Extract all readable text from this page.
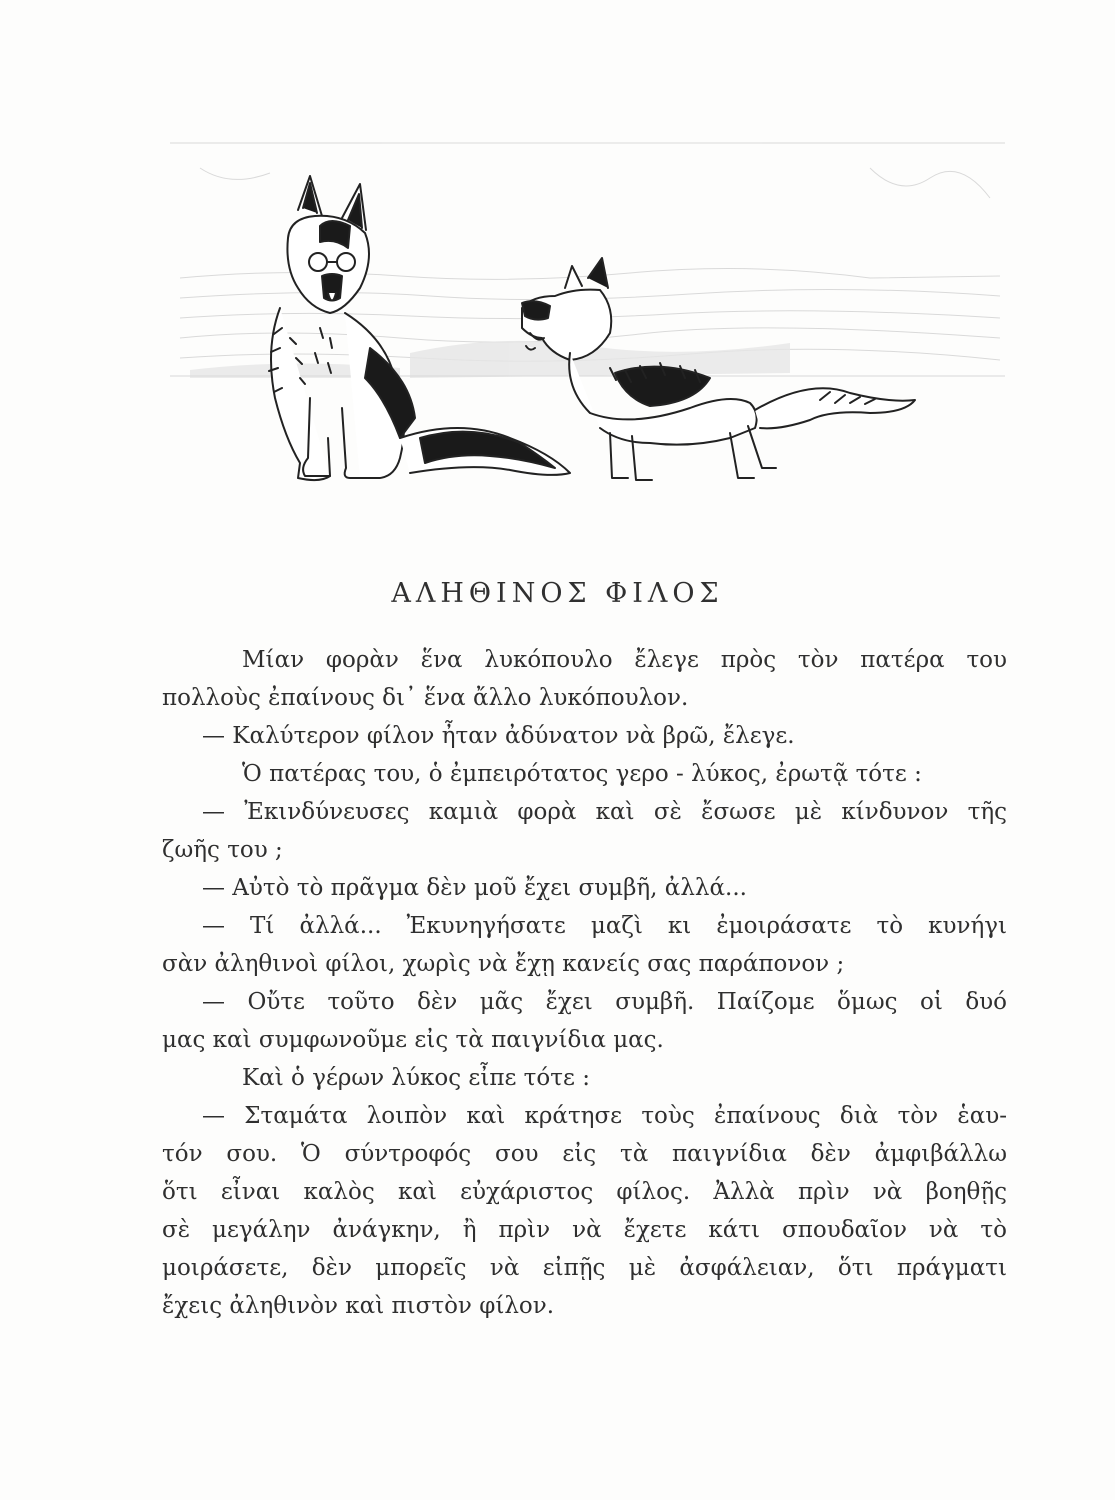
ΑΛΗΘΙΝΟΣ ΦΙΛΟΣ
Μίαν φορὰν ἕνα λυκόπουλο ἔλεγε πρὸς τὸν πατέρα του
πολλοὺς ἐπαίνους δι᾽ ἕνα ἄλλο λυκόπουλον.
— Καλύτερον φίλον ἦταν ἀδύνατον νὰ βρῶ, ἔλεγε.
Ὁ πατέρας του, ὁ ἐμπειρότατος γερο - λύκος, ἐρωτᾷ τότε :
— Ἐκινδύνευσες καμιὰ φορὰ καὶ σὲ ἔσωσε μὲ κίνδυνον τῆς
ζωῆς του ;
— Αὐτὸ τὸ πρᾶγμα δὲν μοῦ ἔχει συμβῆ, ἀλλά...
— Τί ἀλλά... Ἐκυνηγήσατε μαζὶ κι ἐμοιράσατε τὸ κυνήγι
σὰν ἀληθινοὶ φίλοι, χωρὶς νὰ ἔχῃ κανείς σας παράπονον ;
— Οὔτε τοῦτο δὲν μᾶς ἔχει συμβῆ. Παίζομε ὅμως οἱ δυό
μας καὶ συμφωνοῦμε εἰς τὰ παιγνίδια μας.
Καὶ ὁ γέρων λύκος εἶπε τότε :
— Σταμάτα λοιπὸν καὶ κράτησε τοὺς ἐπαίνους διὰ τὸν ἑαυ-
τόν σου. Ὁ σύντροφός σου εἰς τὰ παιγνίδια δὲν ἀμφιβάλλω
ὅτι εἶναι καλὸς καὶ εὐχάριστος φίλος. Ἀλλὰ πρὶν νὰ βοηθῇς
σὲ μεγάλην ἀνάγκην, ἢ πρὶν νὰ ἔχετε κάτι σπουδαῖον νὰ τὸ
μοιράσετε, δὲν μπορεῖς νὰ εἰπῇς μὲ ἀσφάλειαν, ὅτι πράγματι
ἔχεις ἀληθινὸν καὶ πιστὸν φίλον.
